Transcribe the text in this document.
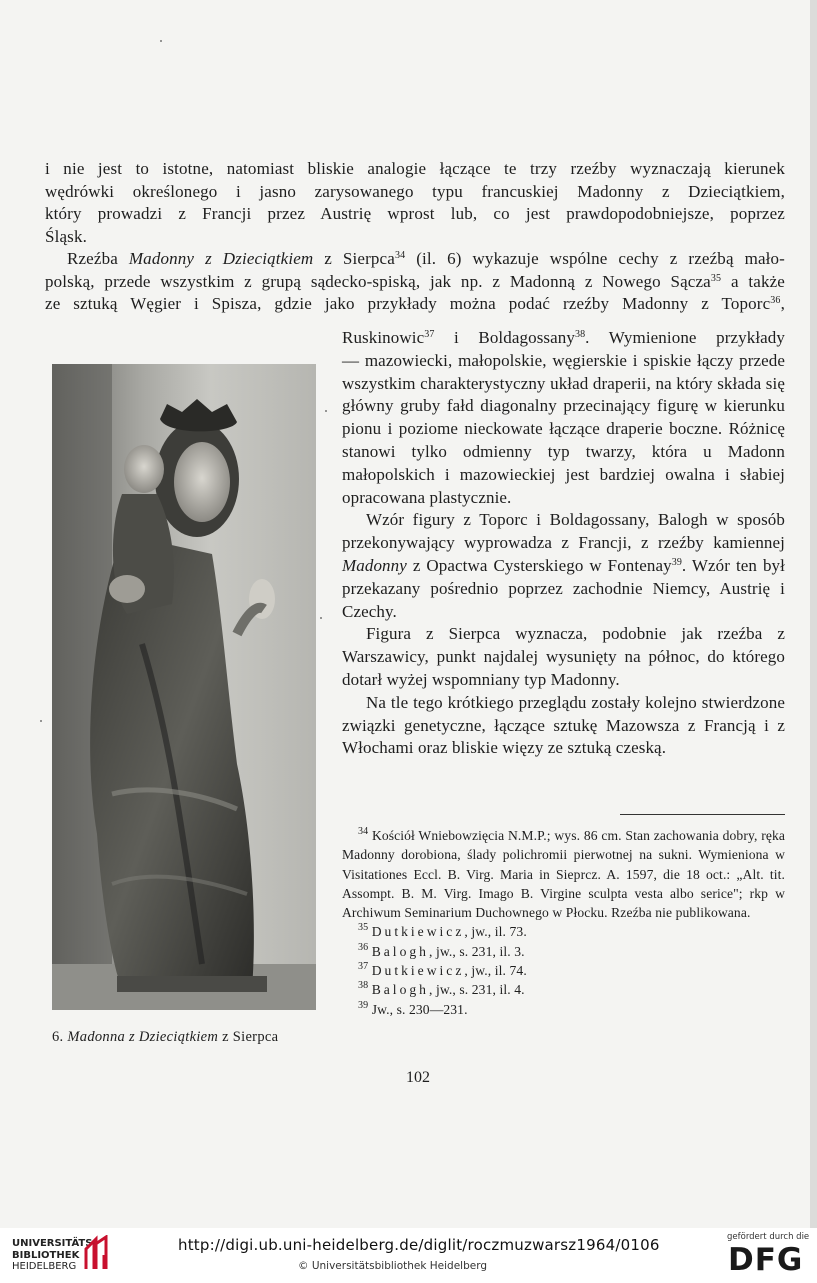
i nie jest to istotne, natomiast bliskie analogie łączące te trzy rzeźby wyznaczają kierunek

wędrówki określonego i jasno zarysowanego typu francuskiej Madonny z Dzieciątkiem,

który prowadzi z Francji przez Austrię wprost lub, co jest prawdopodobniejsze, poprzez

Śląsk.

Rzeźba Madonny z Dzieciątkiem z Sierpca$^{34}$ (il. 6) wykazuje wspólne cechy z rzeźbą mało-

polską, przede wszystkim z grupą sądecko-spiską, jak np. z Madonną z Nowego Sącza$^{35}$ a także

ze sztuką Węgier i Spisza, gdzie jako przykłady można podać rzeźby Madonny z Toporc$^{36}$,

Ruskinowic$^{37}$ i Boldagossany$^{38}$. Wymienione przykłady

— mazowiecki, małopolskie, węgierskie i spiskie łączy przede wszystkim charakterystyczny układ draperii, na który składa się główny gruby fałd diagonalny przecinający figurę w kierunku pionu i poziome nieckowate łączące draperie boczne. Różnicę stanowi tylko odmienny typ twarzy, która u Madonn małopolskich i mazowieckiej jest bardziej owalna i słabiej opracowana plastycznie.

Wzór figury z Toporc i Boldagossany, Balogh w sposób przekonywający wyprowadza z Francji, z rzeźby kamiennej Madonny z Opactwa Cysterskiego w Fontenay$^{39}$. Wzór ten był przekazany pośrednio poprzez zachodnie Niemcy, Austrię i Czechy.

Figura z Sierpca wyznacza, podobnie jak rzeźba z Warszawicy, punkt najdalej wysunięty na północ, do którego dotarł wyżej wspomniany typ Madonny.

Na tle tego krótkiego przeglądu zostały kolejno stwierdzone związki genetyczne, łączące sztukę Mazowsza z Francją i z Włochami oraz bliskie więzy ze sztuką czeską.

6. Madonna z Dzieciątkiem z Sierpca

$^{34}$ Kościół Wniebowzięcia N.M.P.; wys. 86 cm. Stan zachowania dobry, ręka Madonny dorobiona, ślady polichromii pierwotnej na sukni. Wymieniona w Visitationes Eccl. B. Virg. Maria in Sieprcz. A. 1597, die 18 oct.: „Alt. tit. Assompt. B. M. Virg. Imago B. Virgine sculpta vesta albo serice"; rkp w Archiwum Seminarium Duchownego w Płocku. Rzeźba nie publikowana.

$^{35}$ Dutkiewicz, jw., il. 73.

$^{36}$ Balogh, jw., s. 231, il. 3.

$^{37}$ Dutkiewicz, jw., il. 74.

$^{38}$ Balogh, jw., s. 231, il. 4.

$^{39}$ Jw., s. 230—231.

102
UNIVERSITÄTS-
BIBLIOTHEK
HEIDELBERG
http://digi.ub.uni-heidelberg.de/diglit/roczmuzwarsz1964/0106
© Universitätsbibliothek Heidelberg
gefördert durch die
DFG
